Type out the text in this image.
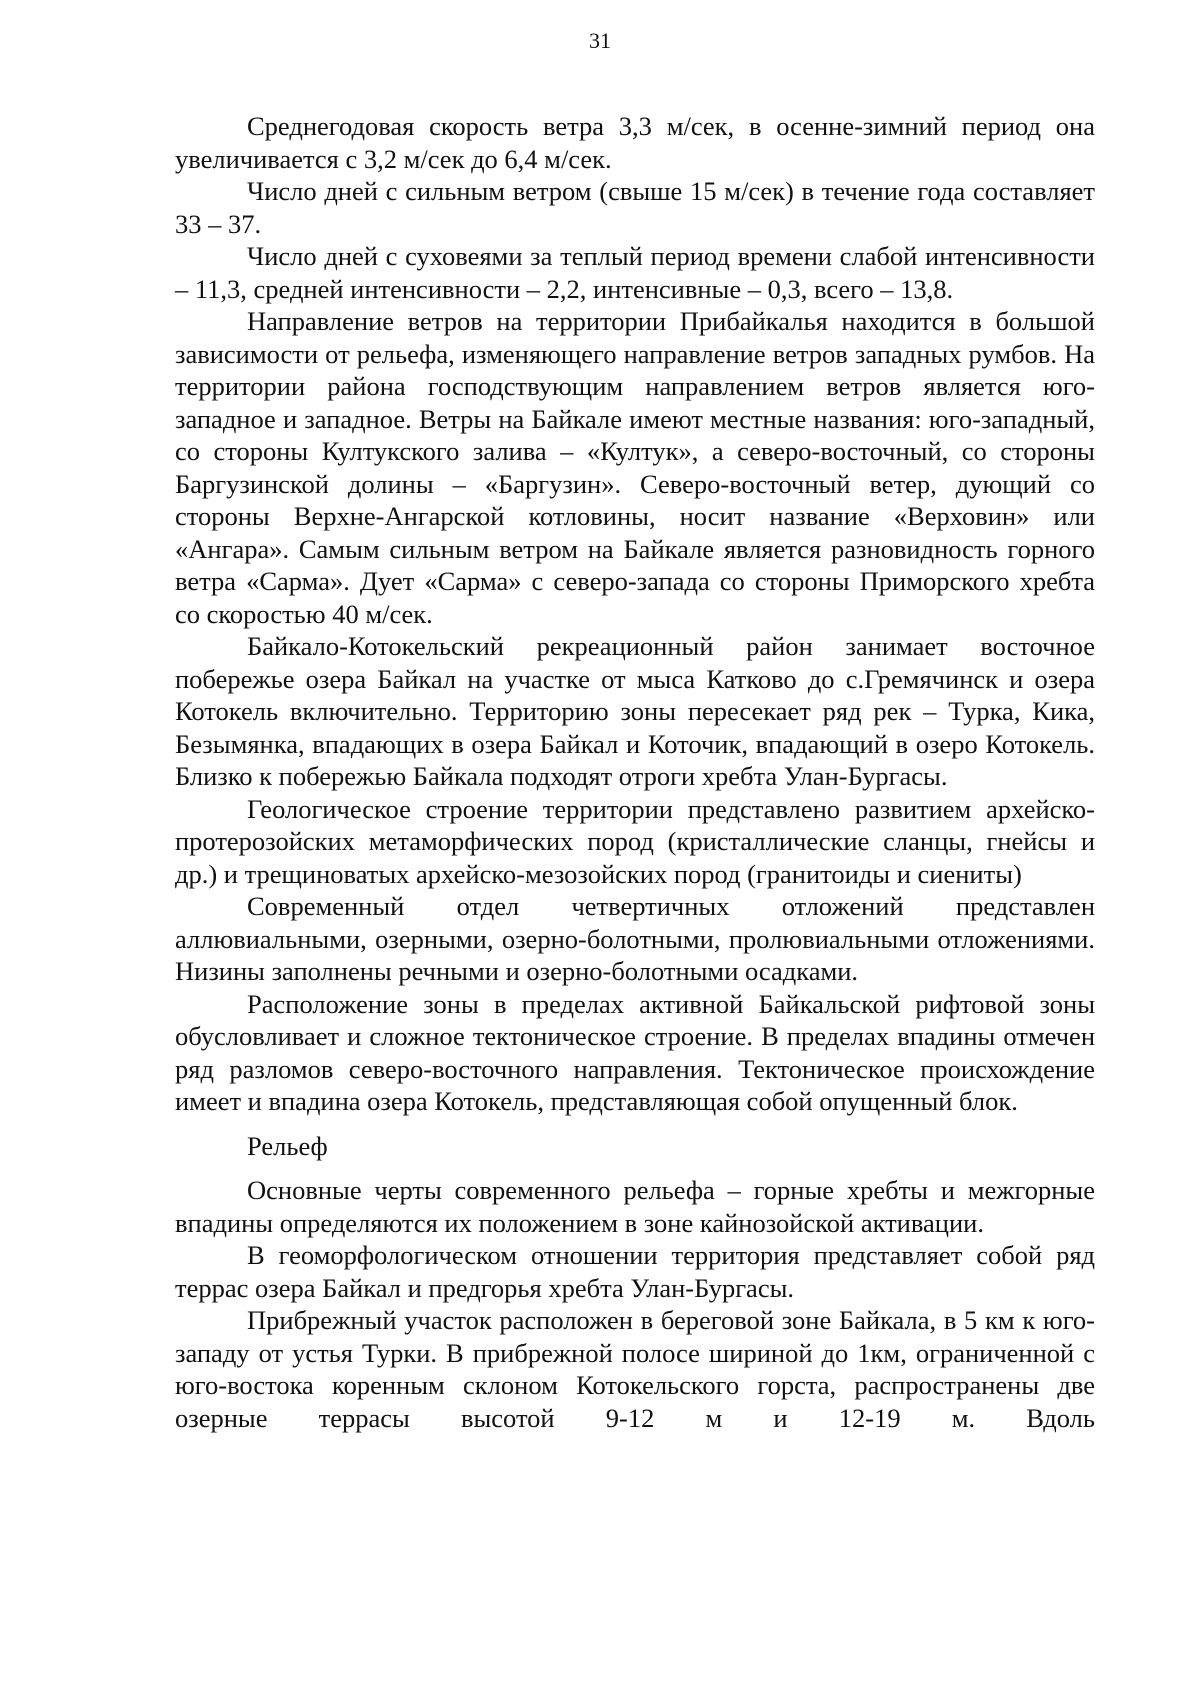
31

Среднегодовая скорость ветра 3,3 м/сек, в осенне-зимний период она увеличивается с 3,2 м/сек до 6,4 м/сек.

Число дней с сильным ветром (свыше 15 м/сек) в течение года составляет 33 – 37.

Число дней с суховеями за теплый период времени слабой интенсивности – 11,3, средней интенсивности – 2,2, интенсивные – 0,3, всего – 13,8.

Направление ветров на территории Прибайкалья находится в большой зависимости от рельефа, изменяющего направление ветров западных румбов. На территории района господствующим направлением ветров является юго-западное и западное. Ветры на Байкале имеют местные названия: юго-западный, со стороны Култукского залива – «Култук», а северо-восточный, со стороны Баргузинской долины – «Баргузин». Северо-восточный ветер, дующий со стороны Верхне-Ангарской котловины, носит название «Верховин» или «Ангара». Самым сильным ветром на Байкале является разновидность горного ветра «Сарма». Дует «Сарма» с северо-запада со стороны Приморского хребта со скоростью 40 м/сек.

Байкало-Котокельский рекреационный район занимает восточное побережье озера Байкал на участке от мыса Катково до с.Гремячинск и озера Котокель включительно. Территорию зоны пересекает ряд рек – Турка, Кика, Безымянка, впадающих в озера Байкал и Коточик, впадающий в озеро Котокель. Близко к побережью Байкала подходят отроги хребта Улан-Бургасы.

Геологическое строение территории представлено развитием архейско-протерозойских метаморфических пород (кристаллические сланцы, гнейсы и др.) и трещиноватых архейско-мезозойских пород (гранитоиды и сиениты)

Современный отдел четвертичных отложений представлен аллювиальными, озерными, озерно-болотными, пролювиальными отложениями. Низины заполнены речными и озерно-болотными осадками.

Расположение зоны в пределах активной Байкальской рифтовой зоны обусловливает и сложное тектоническое строение. В пределах впадины отмечен ряд разломов северо-восточного направления. Тектоническое происхождение имеет и впадина озера Котокель, представляющая собой опущенный блок.

Рельеф

Основные черты современного рельефа – горные хребты и межгорные впадины определяются их положением в зоне кайнозойской активации.

В геоморфологическом отношении территория представляет собой ряд террас озера Байкал и предгорья хребта Улан-Бургасы.

Прибрежный участок расположен в береговой зоне Байкала, в 5 км к юго-западу от устья Турки. В прибрежной полосе шириной до 1км, ограниченной с юго-востока коренным склоном Котокельского горста, распространены две озерные террасы высотой 9-12 м и 12-19 м. Вдоль
